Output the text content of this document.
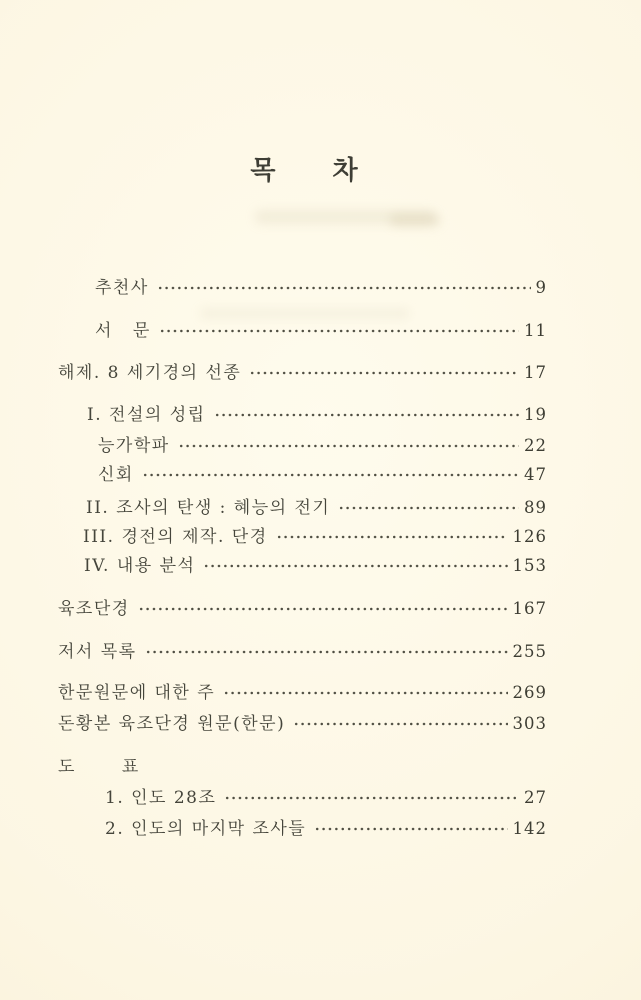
목 차
추천사	9
서 문	11
해제. 8 세기경의 선종	17
I. 전설의 성립	19
능가학파	22
신회	47
II. 조사의 탄생 : 혜능의 전기	89
III. 경전의 제작. 단경	126
IV. 내용 분석	153
육조단경	167
저서 목록	255
한문원문에 대한 주	269
돈황본 육조단경 원문(한문)	303
도 표
1. 인도 28조	27
2. 인도의 마지막 조사들	142
